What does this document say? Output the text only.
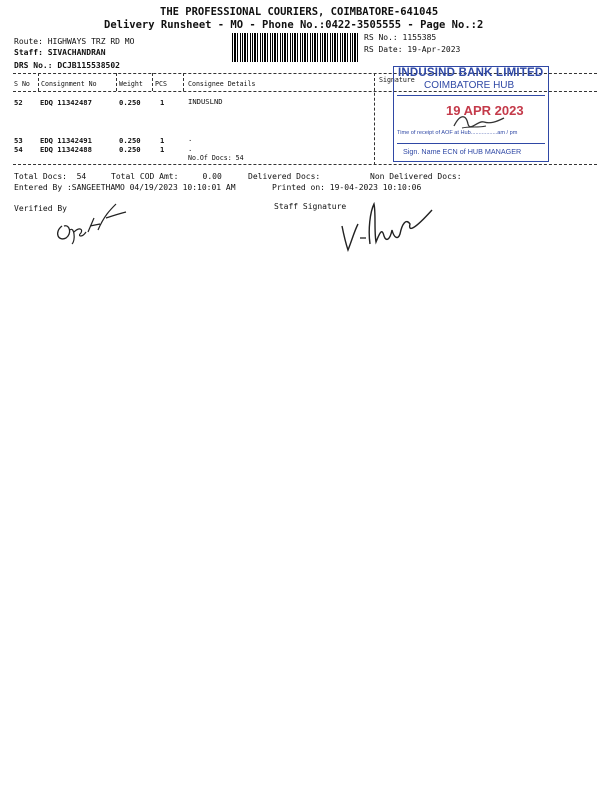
THE PROFESSIONAL COURIERS, COIMBATORE-641045
Delivery Runsheet - MO - Phone No.:0422-3505555 - Page No.:2
Route: HIGHWAYS TRZ RD MO
Staff: SIVACHANDRAN
DRS No.: DCJB115538502
RS No.: 1155385
RS Date: 19-Apr-2023
S No Consignment No	Weight PCS	Consignee Details	Signature
52 EDQ 11342487	0.250	1	INDUSLND
53 EDQ 11342491	0.250	1	.
54 EDQ 11342488	0.250	1	.
No.Of Docs: 54
INDUSIND BANK LIMITED
COIMBATORE HUB
19 APR 2023
Time of receipt of AOF at Hub.................am / pm
Sign. Name ECN of HUB MANAGER
Total Docs:  54	Total COD Amt:     0.00	Delivered Docs:	Non Delivered Docs:
Entered By :SANGEETHAMO 04/19/2023 10:10:01 AM	Printed on: 19-04-2023 10:10:06
Verified By	Staff Signature
